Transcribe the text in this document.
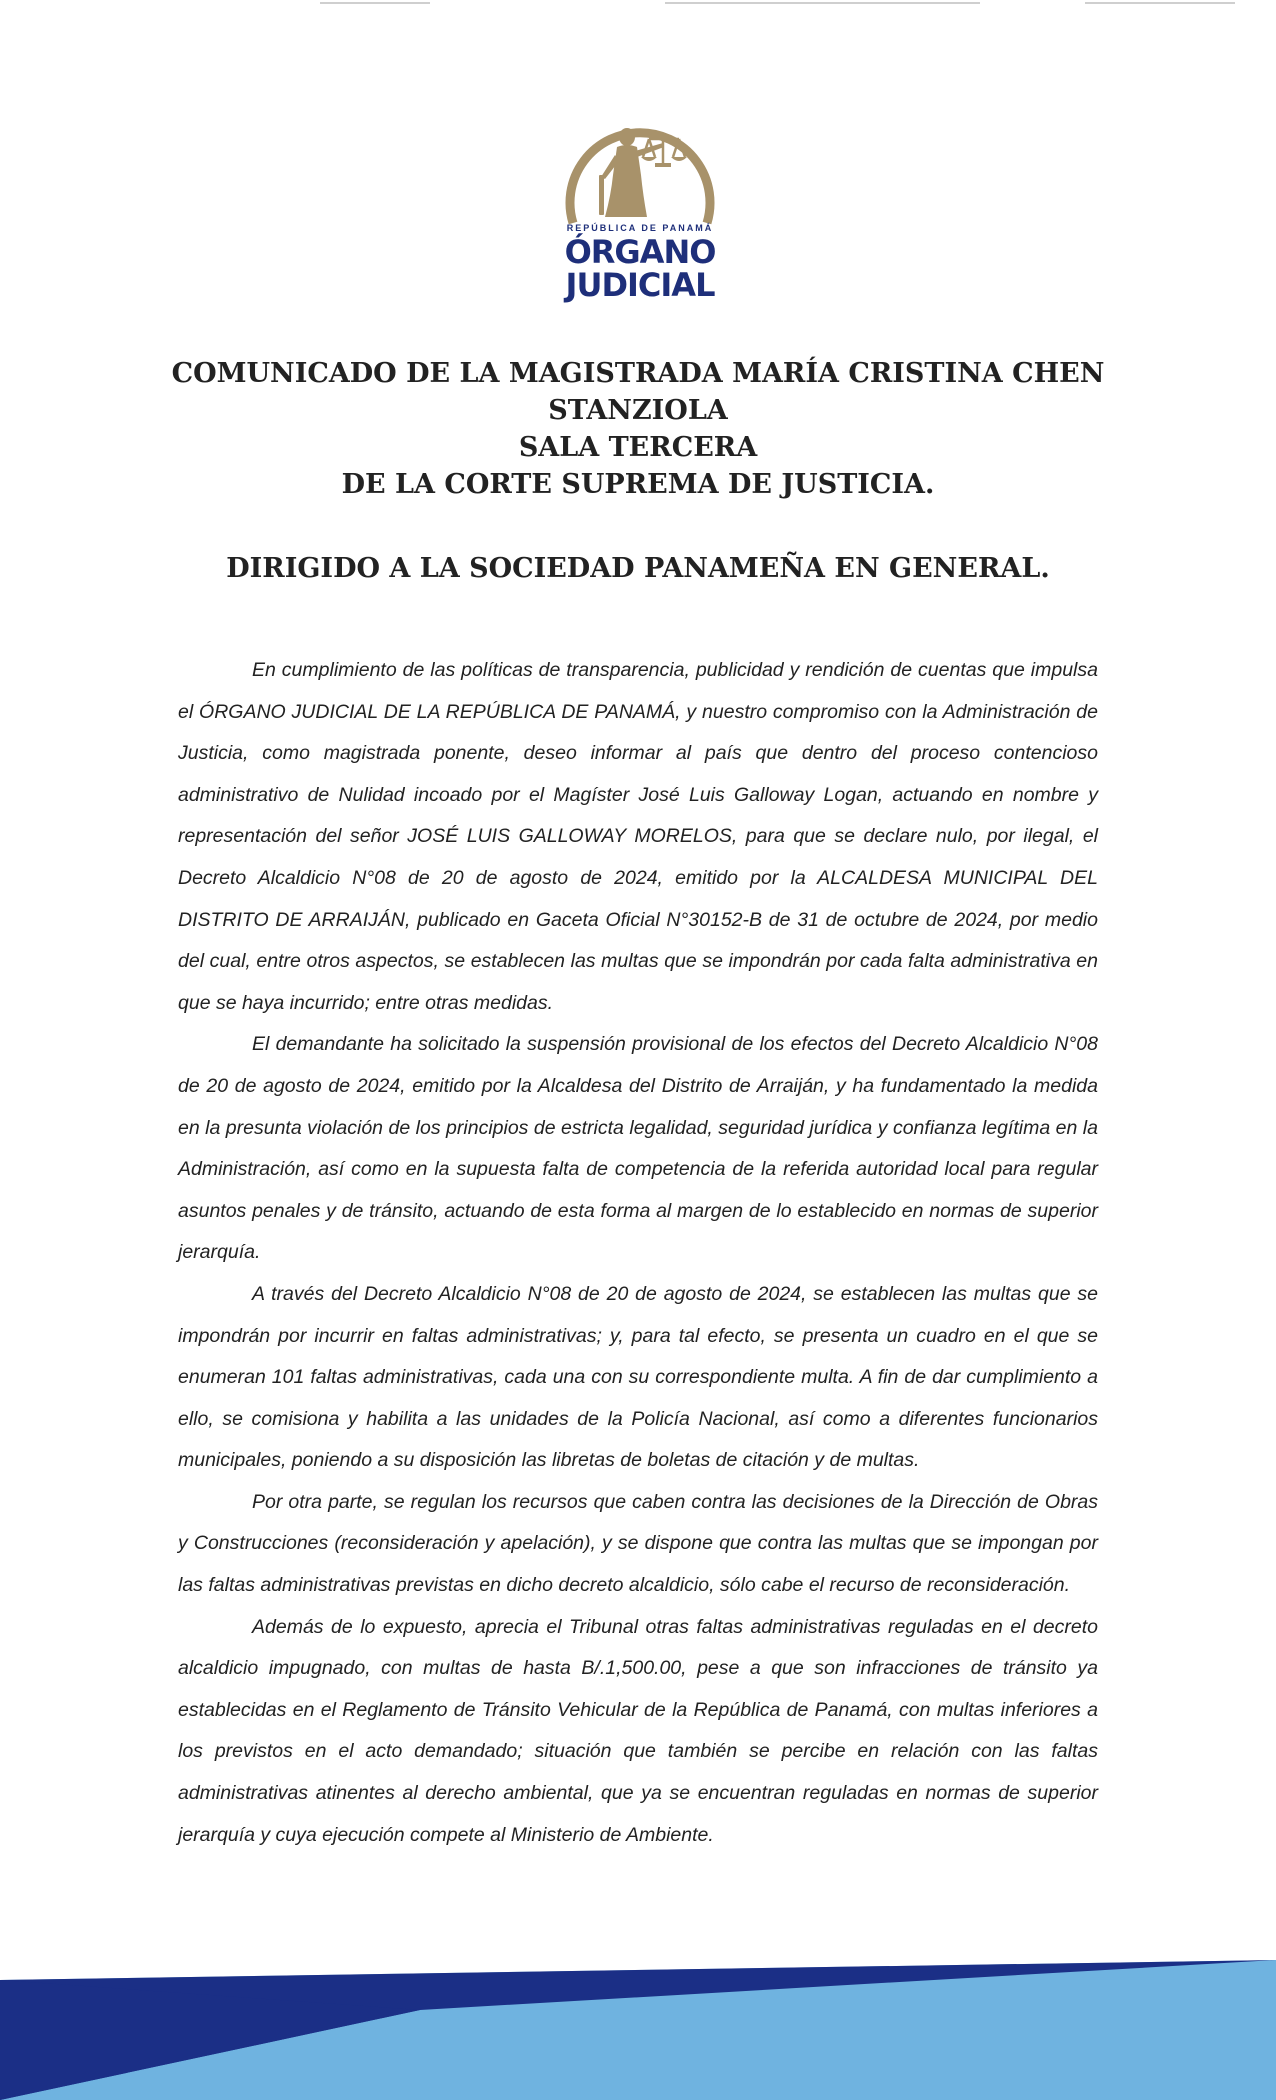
REPÚBLICA DE PANAMÁ
ÓRGANO
JUDICIAL
COMUNICADO DE LA MAGISTRADA MARÍA CRISTINA CHEN
STANZIOLA
SALA TERCERA
DE LA CORTE SUPREMA DE JUSTICIA.
DIRIGIDO A LA SOCIEDAD PANAMEÑA EN GENERAL.

En cumplimiento de las políticas de transparencia, publicidad y rendición de cuentas que impulsa el ÓRGANO JUDICIAL DE LA REPÚBLICA DE PANAMÁ, y nuestro compromiso con la Administración de Justicia, como magistrada ponente, deseo informar al país que dentro del proceso contencioso administrativo de Nulidad incoado por el Magíster José Luis Galloway Logan, actuando en nombre y representación del señor JOSÉ LUIS GALLOWAY MORELOS, para que se declare nulo, por ilegal, el Decreto Alcaldicio N°08 de 20 de agosto de 2024, emitido por la ALCALDESA MUNICIPAL DEL DISTRITO DE ARRAIJÁN, publicado en Gaceta Oficial N°30152-B de 31 de octubre de 2024, por medio del cual, entre otros aspectos, se establecen las multas que se impondrán por cada falta administrativa en que se haya incurrido; entre otras medidas.

El demandante ha solicitado la suspensión provisional de los efectos del Decreto Alcaldicio N°08 de 20 de agosto de 2024, emitido por la Alcaldesa del Distrito de Arraiján, y ha fundamentado la medida en la presunta violación de los principios de estricta legalidad, seguridad jurídica y confianza legítima en la Administración, así como en la supuesta falta de competencia de la referida autoridad local para regular asuntos penales y de tránsito, actuando de esta forma al margen de lo establecido en normas de superior jerarquía.

A través del Decreto Alcaldicio N°08 de 20 de agosto de 2024, se establecen las multas que se impondrán por incurrir en faltas administrativas; y, para tal efecto, se presenta un cuadro en el que se enumeran 101 faltas administrativas, cada una con su correspondiente multa. A fin de dar cumplimiento a ello, se comisiona y habilita a las unidades de la Policía Nacional, así como a diferentes funcionarios municipales, poniendo a su disposición las libretas de boletas de citación y de multas.

Por otra parte, se regulan los recursos que caben contra las decisiones de la Dirección de Obras y Construcciones (reconsideración y apelación), y se dispone que contra las multas que se impongan por las faltas administrativas previstas en dicho decreto alcaldicio, sólo cabe el recurso de reconsideración.

Además de lo expuesto, aprecia el Tribunal otras faltas administrativas reguladas en el decreto alcaldicio impugnado, con multas de hasta B/.1,500.00, pese a que son infracciones de tránsito ya establecidas en el Reglamento de Tránsito Vehicular de la República de Panamá, con multas inferiores a los previstos en el acto demandado; situación que también se percibe en relación con las faltas administrativas atinentes al derecho ambiental, que ya se encuentran reguladas en normas de superior jerarquía y cuya ejecución compete al Ministerio de Ambiente.
